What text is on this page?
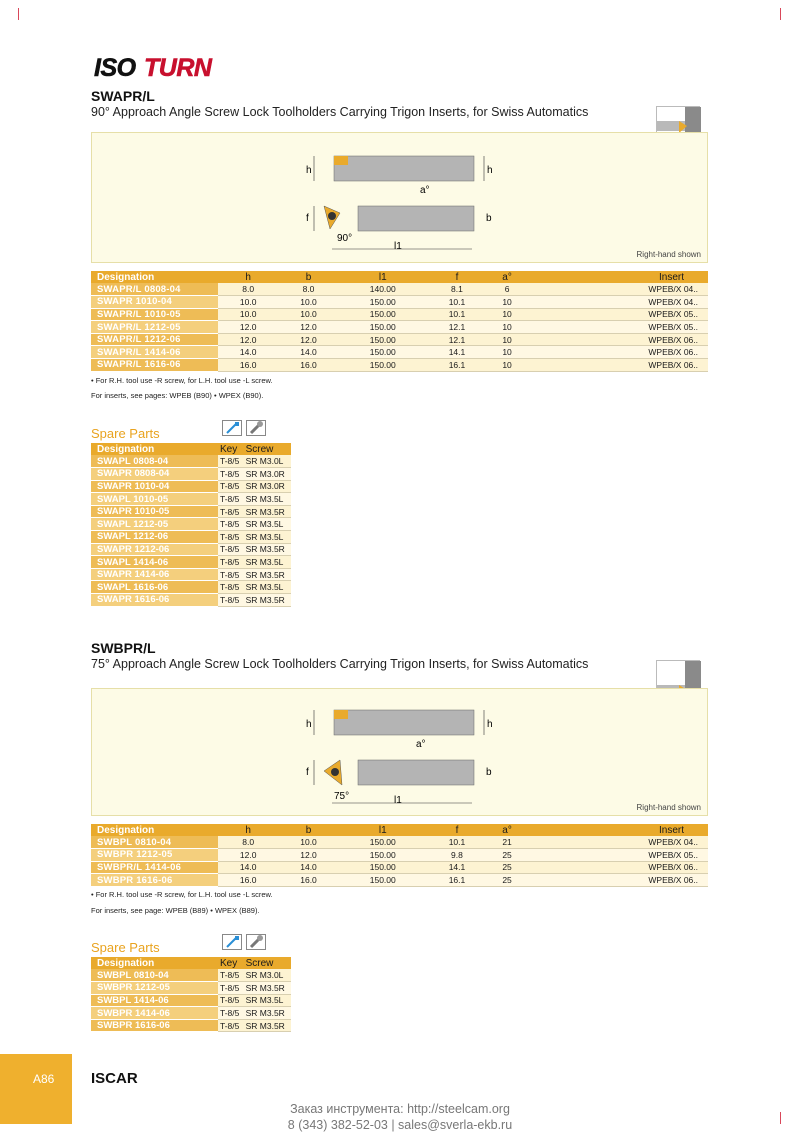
ISO TURN
SWAPR/L
90° Approach Angle Screw Lock Toolholders Carrying Trigon Inserts, for Swiss Automatics
h	h
a°
f	b
90°
l1
Right-hand shown
Designation	h	b	l1	f	a°	Insert
SWAPR/L 0808-04	8.0	8.0	140.00	8.1	6	WPEB/X 04..
SWAPR 1010-04	10.0	10.0	150.00	10.1	10	WPEB/X 04..
SWAPR/L 1010-05	10.0	10.0	150.00	10.1	10	WPEB/X 05..
SWAPR/L 1212-05	12.0	12.0	150.00	12.1	10	WPEB/X 05..
SWAPR/L 1212-06	12.0	12.0	150.00	12.1	10	WPEB/X 06..
SWAPR/L 1414-06	14.0	14.0	150.00	14.1	10	WPEB/X 06..
SWAPR/L 1616-06	16.0	16.0	150.00	16.1	10	WPEB/X 06..
• For R.H. tool use -R screw, for L.H. tool use -L screw.
For inserts, see pages: WPEB (B90) • WPEX (B90).
Spare Parts
Designation	Key	Screw
SWAPL 0808-04	T-8/5	SR M3.0L
SWAPR 0808-04	T-8/5	SR M3.0R
SWAPR 1010-04	T-8/5	SR M3.0R
SWAPL 1010-05	T-8/5	SR M3.5L
SWAPR 1010-05	T-8/5	SR M3.5R
SWAPL 1212-05	T-8/5	SR M3.5L
SWAPL 1212-06	T-8/5	SR M3.5L
SWAPR 1212-06	T-8/5	SR M3.5R
SWAPL 1414-06	T-8/5	SR M3.5L
SWAPR 1414-06	T-8/5	SR M3.5R
SWAPL 1616-06	T-8/5	SR M3.5L
SWAPR 1616-06	T-8/5	SR M3.5R
SWBPR/L
75° Approach Angle Screw Lock Toolholders Carrying Trigon Inserts, for Swiss Automatics
h	h
a°
f	b
75°	l1
Right-hand shown
Designation	h	b	l1	f	a°	Insert
SWBPL 0810-04	8.0	10.0	150.00	10.1	21	WPEB/X 04..
SWBPR 1212-05	12.0	12.0	150.00	9.8	25	WPEB/X 05..
SWBPR/L 1414-06	14.0	14.0	150.00	14.1	25	WPEB/X 06..
SWBPR 1616-06	16.0	16.0	150.00	16.1	25	WPEB/X 06..
• For R.H. tool use -R screw, for L.H. tool use -L screw.
For inserts, see page: WPEB (B89) • WPEX (B89).
Spare Parts
Designation	Key	Screw
SWBPL 0810-04	T-8/5	SR M3.0L
SWBPR 1212-05	T-8/5	SR M3.5R
SWBPL 1414-06	T-8/5	SR M3.5L
SWBPR 1414-06	T-8/5	SR M3.5R
SWBPR 1616-06	T-8/5	SR M3.5R
A86 ISCAR
Заказ инструмента: http://steelcam.org
8 (343) 382-52-03 | sales@sverla-ekb.ru
